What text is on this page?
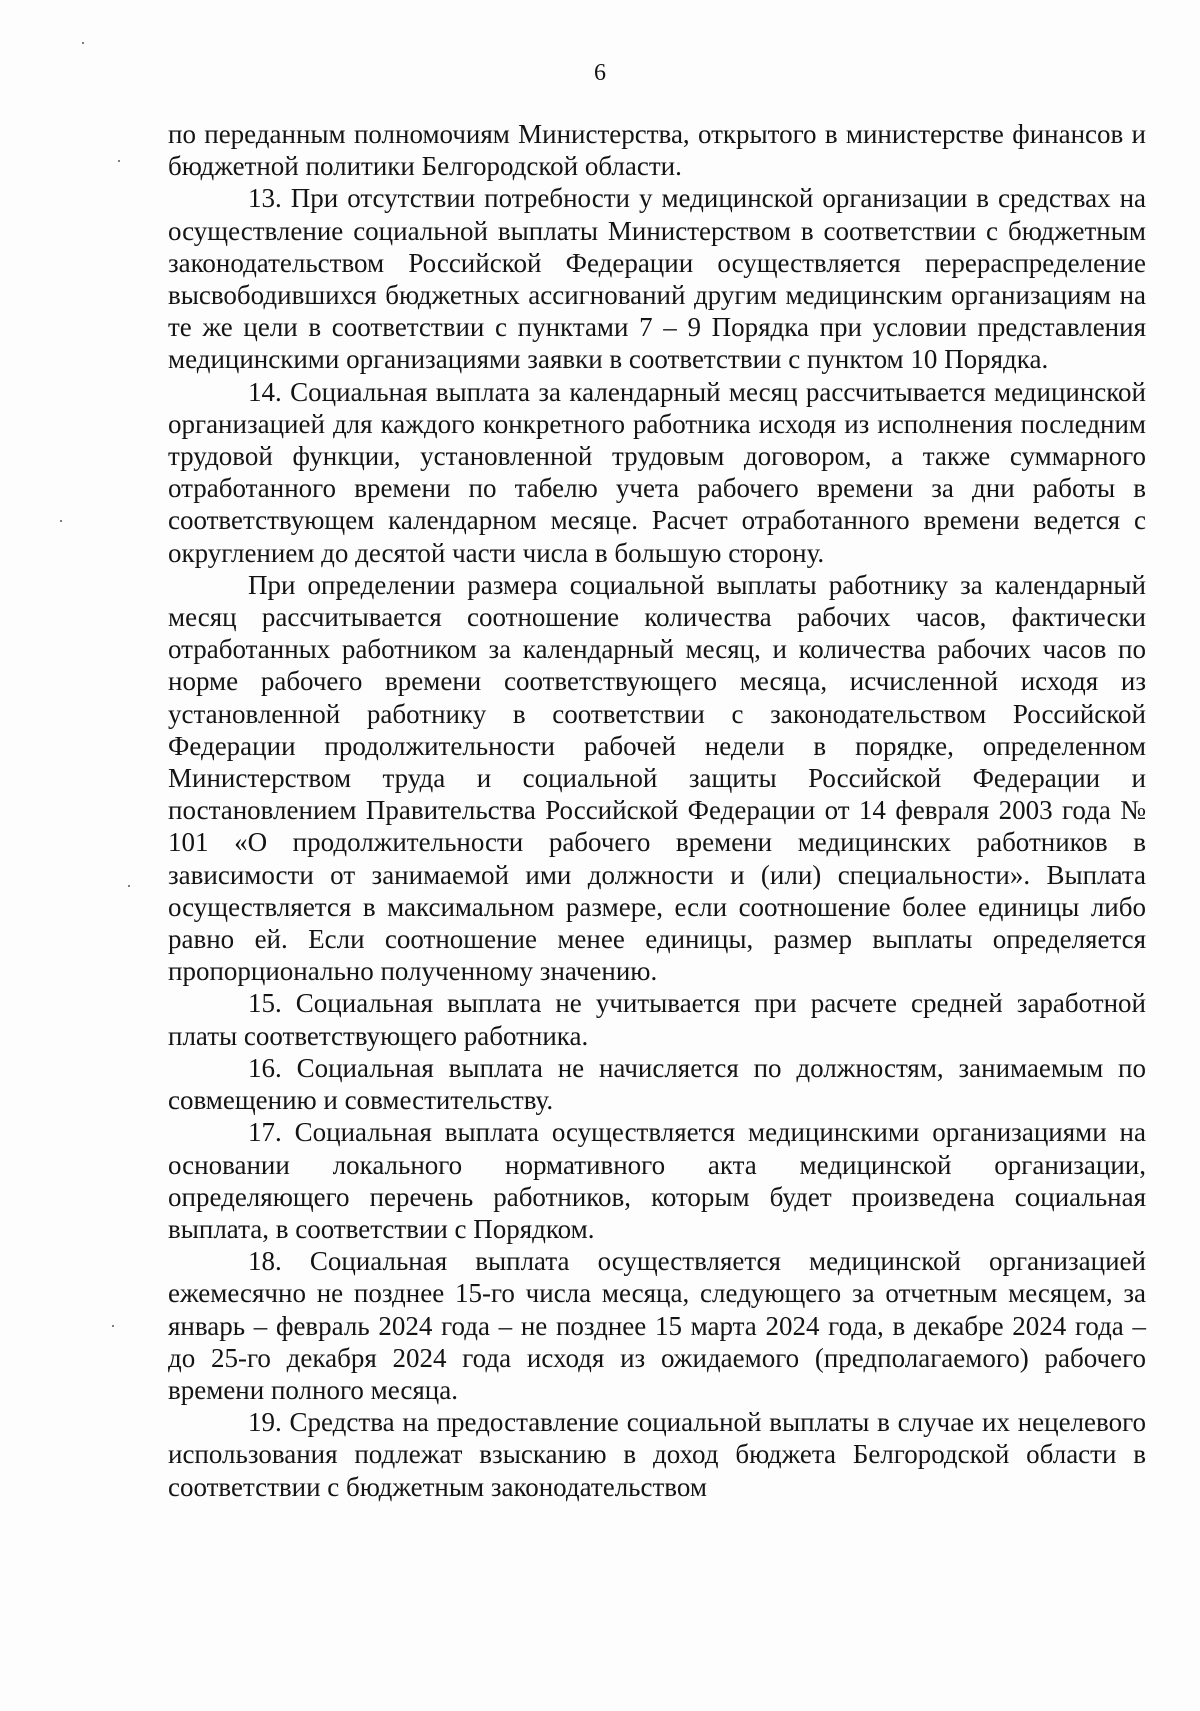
6

по переданным полномочиям Министерства, открытого в министерстве финансов и бюджетной политики Белгородской области.

13. При отсутствии потребности у медицинской организации в средствах на осуществление социальной выплаты Министерством в соответствии с бюджетным законодательством Российской Федерации осуществляется перераспределение высвободившихся бюджетных ассигнований другим медицинским организациям на те же цели в соответствии с пунктами 7 – 9 Порядка при условии представления медицинскими организациями заявки в соответствии с пунктом 10 Порядка.

14. Социальная выплата за календарный месяц рассчитывается медицинской организацией для каждого конкретного работника исходя из исполнения последним трудовой функции, установленной трудовым договором, а также суммарного отработанного времени по табелю учета рабочего времени за дни работы в соответствующем календарном месяце. Расчет отработанного времени ведется с округлением до десятой части числа в большую сторону.

При определении размера социальной выплаты работнику за календарный месяц рассчитывается соотношение количества рабочих часов, фактически отработанных работником за календарный месяц, и количества рабочих часов по норме рабочего времени соответствующего месяца, исчисленной исходя из установленной работнику в соответствии с законодательством Российской Федерации продолжительности рабочей недели в порядке, определенном Министерством труда и социальной защиты Российской Федерации и постановлением Правительства Российской Федерации от 14 февраля 2003 года № 101 «О продолжительности рабочего времени медицинских работников в зависимости от занимаемой ими должности и (или) специальности». Выплата осуществляется в максимальном размере, если соотношение более единицы либо равно ей. Если соотношение менее единицы, размер выплаты определяется пропорционально полученному значению.

15. Социальная выплата не учитывается при расчете средней заработной платы соответствующего работника.

16. Социальная выплата не начисляется по должностям, занимаемым по совмещению и совместительству.

17. Социальная выплата осуществляется медицинскими организациями на основании локального нормативного акта медицинской организации, определяющего перечень работников, которым будет произведена социальная выплата, в соответствии с Порядком.

18. Социальная выплата осуществляется медицинской организацией ежемесячно не позднее 15-го числа месяца, следующего за отчетным месяцем, за январь – февраль 2024 года – не позднее 15 марта 2024 года, в декабре 2024 года – до 25-го декабря 2024 года исходя из ожидаемого (предполагаемого) рабочего времени полного месяца.

19. Средства на предоставление социальной выплаты в случае их нецелевого использования подлежат взысканию в доход бюджета Белгородской области в соответствии с бюджетным законодательством
